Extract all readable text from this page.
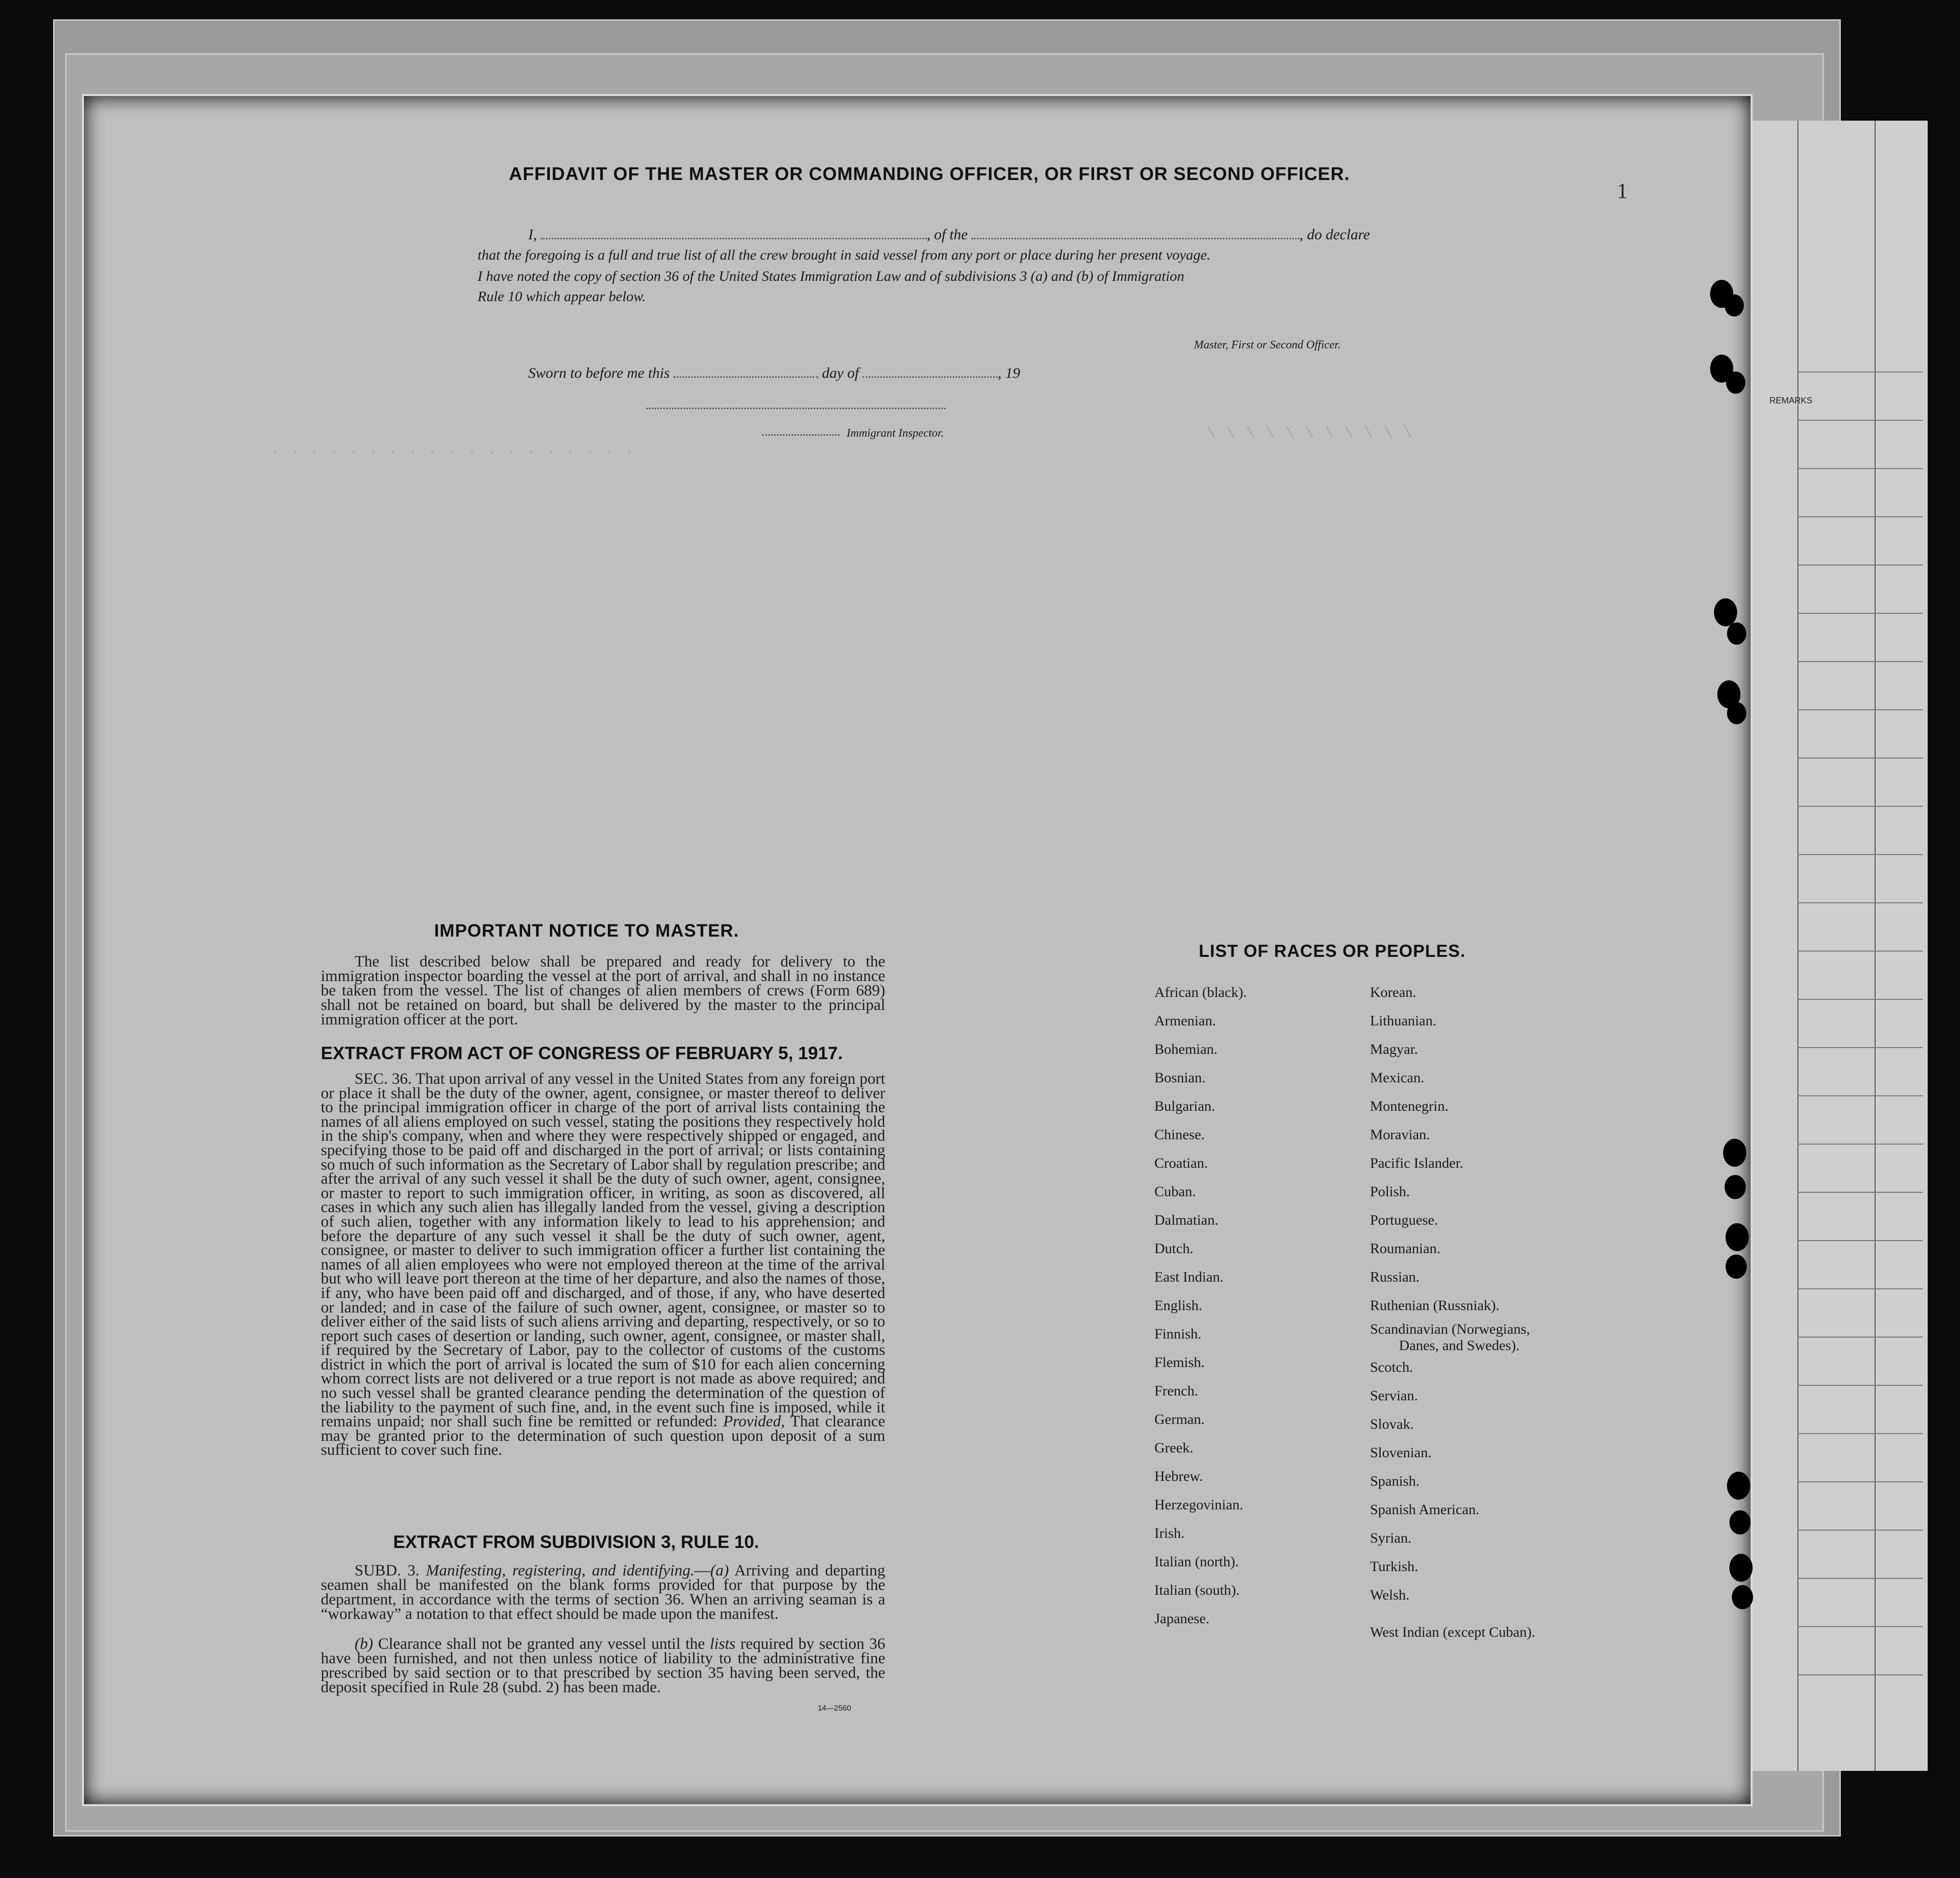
REMARKS
· · · · · · · · · · · · · · · · · · ·
\ \ \ \ \ \ \ \ \ \ \
1
AFFIDAVIT OF THE MASTER OR COMMANDING OFFICER, OR FIRST OR SECOND OFFICER.
I,	, of the	, do declare
that the foregoing is a full and true list of all the crew brought in said vessel from any port or place during her present voyage.
I have noted the copy of section 36 of the United States Immigration Law and of subdivisions 3 (a) and (b) of Immigration
Rule 10 which appear below.
Master, First or Second Officer.
Sworn to before me this	day of	, 19
Immigrant Inspector.
IMPORTANT NOTICE TO MASTER.
The list described below shall be prepared and ready for delivery to the immigration inspector boarding the vessel at the port of arrival, and shall in no instance be taken from the vessel. The list of changes of alien members of crews (Form 689) shall not be retained on board, but shall be delivered by the master to the principal immigration officer at the port.
EXTRACT FROM ACT OF CONGRESS OF FEBRUARY 5, 1917.
SEC. 36. That upon arrival of any vessel in the United States from any foreign port or place it shall be the duty of the owner, agent, consignee, or master thereof to deliver to the principal immigration officer in charge of the port of arrival lists containing the names of all aliens employed on such vessel, stating the positions they respectively hold in the ship's company, when and where they were respectively shipped or engaged, and specifying those to be paid off and discharged in the port of arrival; or lists containing so much of such information as the Secretary of Labor shall by regulation prescribe; and after the arrival of any such vessel it shall be the duty of such owner, agent, consignee, or master to report to such immigration officer, in writing, as soon as discovered, all cases in which any such alien has illegally landed from the vessel, giving a description of such alien, together with any information likely to lead to his apprehension; and before the departure of any such vessel it shall be the duty of such owner, agent, consignee, or master to deliver to such immigration officer a further list containing the names of all alien employees who were not employed thereon at the time of the arrival but who will leave port thereon at the time of her departure, and also the names of those, if any, who have been paid off and discharged, and of those, if any, who have deserted or landed; and in case of the failure of such owner, agent, consignee, or master so to deliver either of the said lists of such aliens arriving and departing, respectively, or so to report such cases of desertion or landing, such owner, agent, consignee, or master shall, if required by the Secretary of Labor, pay to the collector of customs of the customs district in which the port of arrival is located the sum of $10 for each alien concerning whom correct lists are not delivered or a true report is not made as above required; and no such vessel shall be granted clearance pending the determination of the question of the liability to the payment of such fine, and, in the event such fine is imposed, while it remains unpaid; nor shall such fine be remitted or refunded: Provided, That clearance may be granted prior to the determination of such question upon deposit of a sum sufficient to cover such fine.
EXTRACT FROM SUBDIVISION 3, RULE 10.
SUBD. 3. Manifesting, registering, and identifying.—(a) Arriving and departing seamen shall be manifested on the blank forms provided for that purpose by the department, in accordance with the terms of section 36. When an arriving seaman is a “workaway” a notation to that effect should be made upon the manifest.
(b) Clearance shall not be granted any vessel until the lists required by section 36 have been furnished, and not then unless notice of liability to the administrative fine prescribed by said section or to that prescribed by section 35 having been served, the deposit specified in Rule 28 (subd. 2) has been made.
14—2560
LIST OF RACES OR PEOPLES.
African (black).
Armenian.
Bohemian.
Bosnian.
Bulgarian.
Chinese.
Croatian.
Cuban.
Dalmatian.
Dutch.
East Indian.
English.
Finnish.
Flemish.
French.
German.
Greek.
Hebrew.
Herzegovinian.
Irish.
Italian (north).
Italian (south).
Japanese.
Korean.
Lithuanian.
Magyar.
Mexican.
Montenegrin.
Moravian.
Pacific Islander.
Polish.
Portuguese.
Roumanian.
Russian.
Ruthenian (Russniak).
Scandinavian (Norwegians,
Danes, and Swedes).
Scotch.
Servian.
Slovak.
Slovenian.
Spanish.
Spanish American.
Syrian.
Turkish.
Welsh.
West Indian (except Cuban).
